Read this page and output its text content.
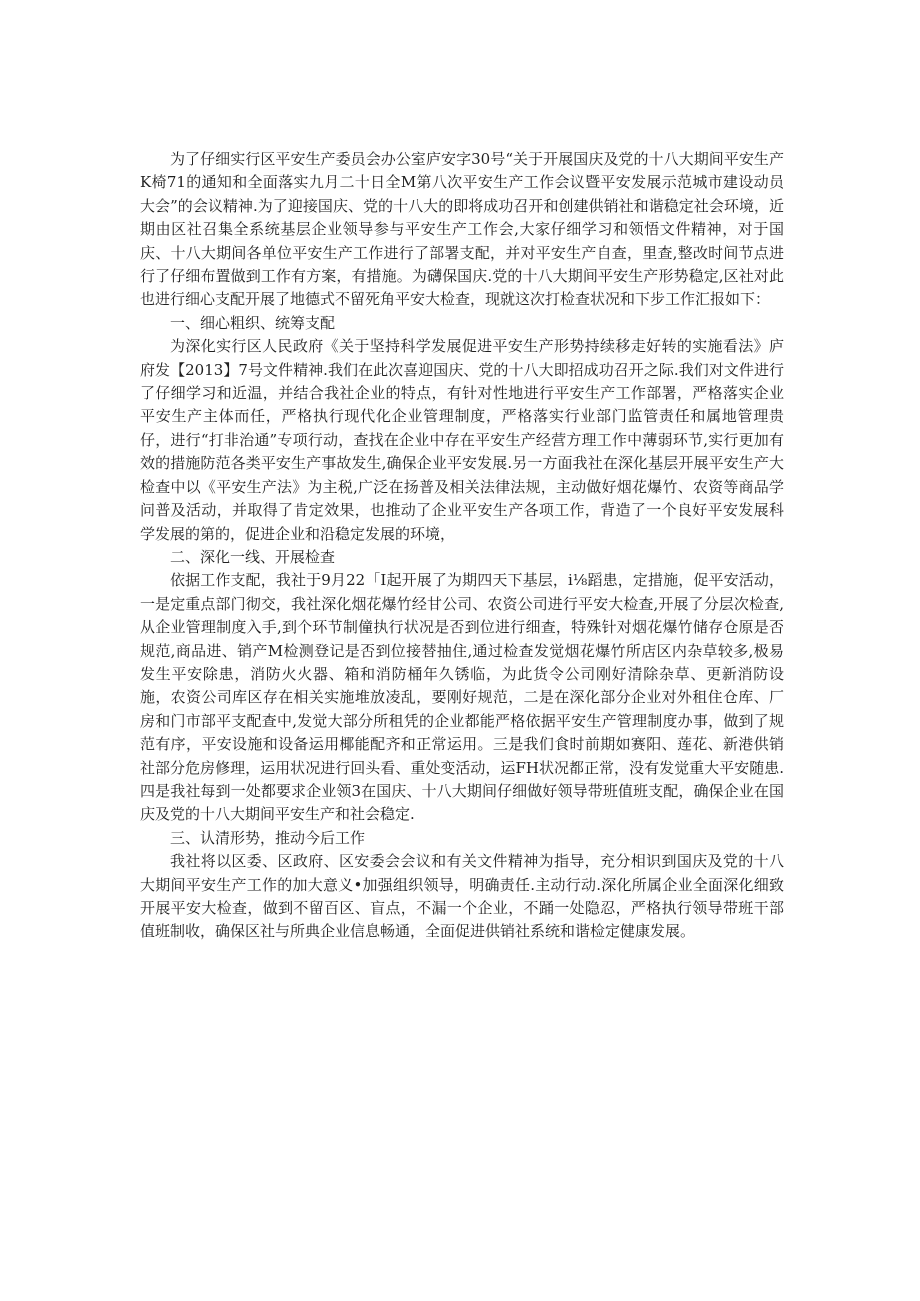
为了仔细实行区平安生产委员会办公室庐安字30号“关于开展国庆及党的十八大期间平安生产K椅71的通知和全面落实九月二十日全M第八次平安生产工作会议暨平安发展示范城市建设动员大会”的会议精神.为了迎接国庆、党的十八大的即将成功召开和创建供销社和谐稳定社会环境，近期由区社召集全系统基层企业领导参与平安生产工作会,大家仔细学习和领悟文件精神，对于国庆、十八大期间各单位平安生产工作进行了部署支配，并对平安生产自查，里查,整改时间节点进行了仔细布置做到工作有方案，有措施。为礴保国庆.党的十八大期间平安生产形势稳定,区社对此也进行细心支配开展了地德式不留死角平安大检查，现就这次打检查状况和下步工作汇报如下：

一、细心粗织、统筹支配

为深化实行区人民政府《关于坚持科学发展促进平安生产形势持续移走好转的实施看法》庐府发【2013】7号文件精神.我们在此次喜迎国庆、党的十八大即招成功召开之际.我们对文件进行了仔细学习和近温，并结合我社企业的特点，有针对性地进行平安生产工作部署，严格落实企业平安生产主体而任，严格执行现代化企业管理制度，严格落实行业部门监管责任和属地管理贵仔，进行“打非治通”专项行动，查找在企业中存在平安生产经营方理工作中薄弱环节,实行更加有效的措施防范各类平安生产事故发生,确保企业平安发展.另一方面我社在深化基层开展平安生产大检查中以《平安生产法》为主税,广泛在扬普及相关法律法规，主动做好烟花爆竹、农资等商品学问普及活动，并取得了肯定效果，也推动了企业平安生产各项工作，背造了一个良好平安发展科学发展的第的，促进企业和沿稳定发展的环境，

二、深化一线、开展检查

依据工作支配，我社于9月22「I起开展了为期四天下基层，i⅛蹈患，定措施，促平安活动，一是定重点部门彻交，我社深化烟花爆竹经甘公司、农资公司进行平安大检查,开展了分层次检查,从企业管理制度入手,到个环节制僮执行状况是否到位进行细查，特殊针对烟花爆竹储存仓原是否规范,商品进、销产M检测登记是否到位接替抽住,通过检查发觉烟花爆竹所店区内杂草较多,极易发生平安除患，消防火火器、箱和消防桶年久锈临，为此货令公司刚好清除杂草、更新消防设施，农资公司库区存在相关实施堆放凌乱，要刚好规范，二是在深化部分企业对外租住仓库、厂房和门市部平支配查中,发觉大部分所租凭的企业都能严格依据平安生产管理制度办事，做到了规范有序，平安设施和设备运用椰能配齐和正常运用。三是我们食时前期如赛阳、莲花、新港供销社部分危房修理，运用状况进行回头看、重处变活动，运FH状况都正常，没有发觉重大平安随患.四是我社每到一处都要求企业领3在国庆、十八大期间仔细做好领导带班值班支配，确保企业在国庆及党的十八大期间平安生产和社会稳定.

三、认清形势，推动今后工作

我社将以区委、区政府、区安委会会议和有关文件精神为指导，充分相识到国庆及党的十八大期间平安生产工作的加大意义•加强组织领导，明确责任.主动行动.深化所属企业全面深化细致开展平安大检查，做到不留百区、盲点，不漏一个企业，不踊一处隐忍，严格执行领导带班干部值班制收，确保区社与所典企业信息畅通，全面促进供销社系统和谐检定健康发展。
